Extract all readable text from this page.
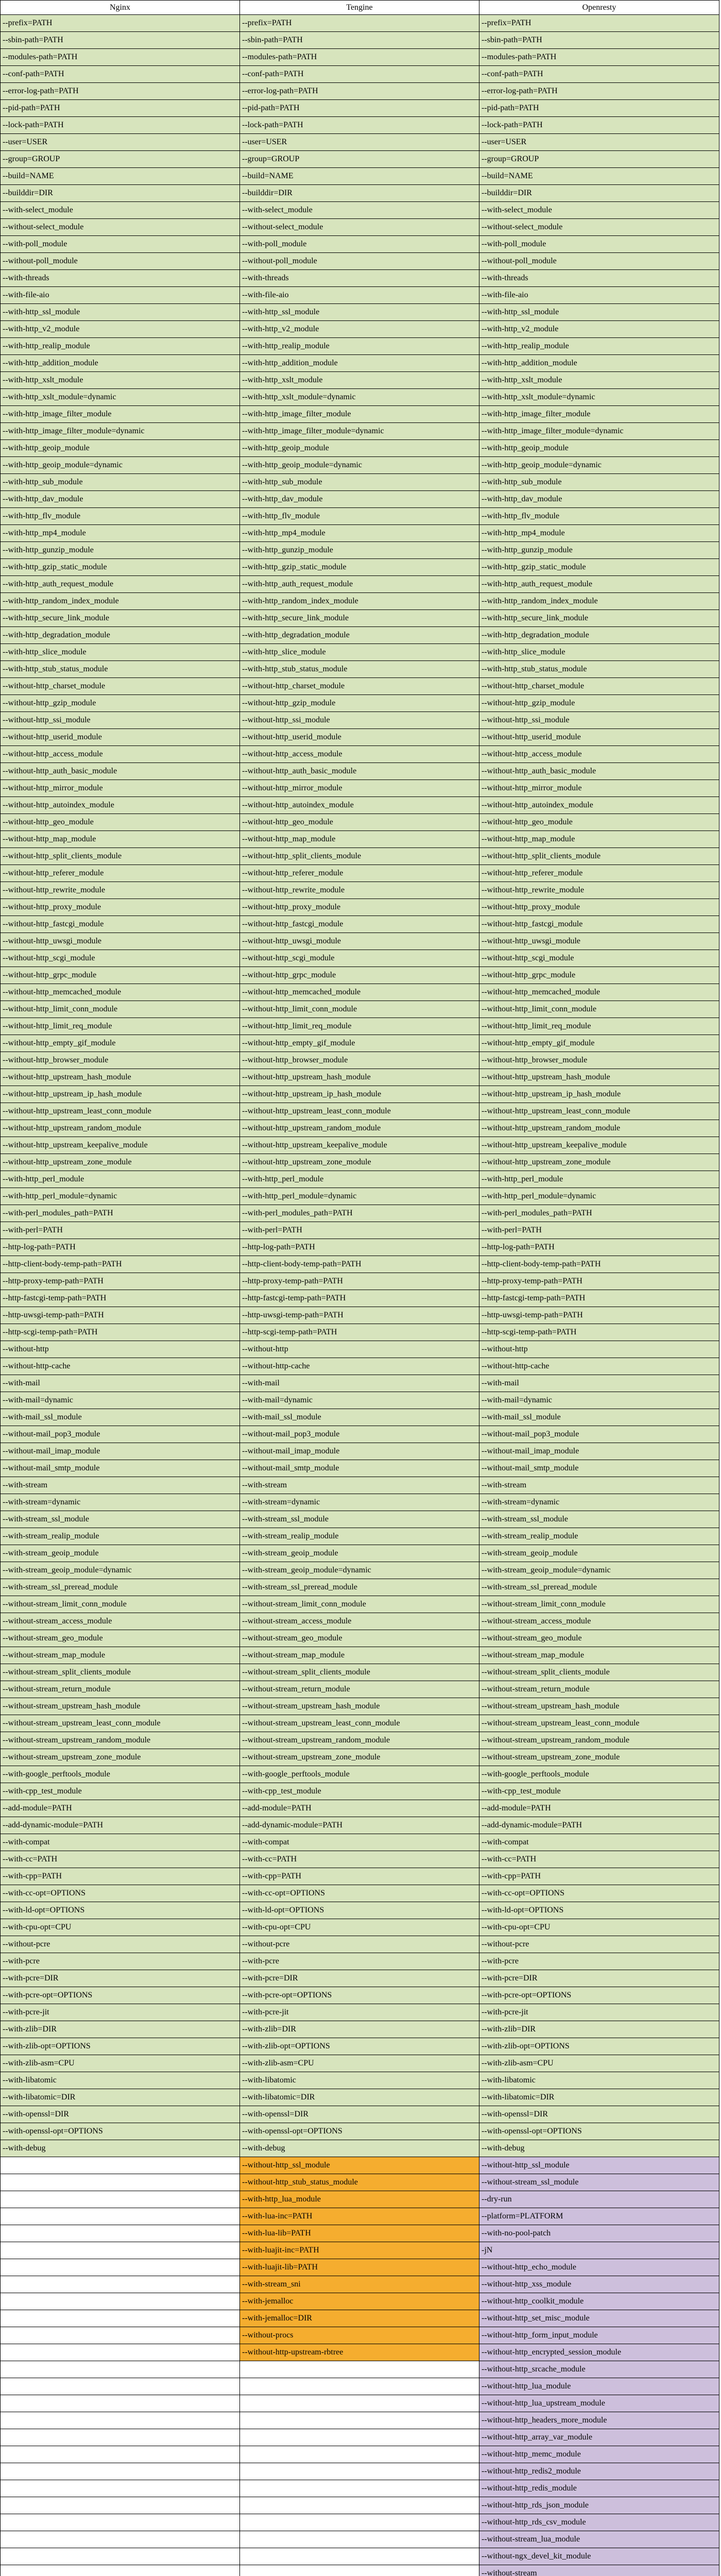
Nginx	Tengine	Openresty
--prefix=PATH	--prefix=PATH	--prefix=PATH
--sbin-path=PATH	--sbin-path=PATH	--sbin-path=PATH
--modules-path=PATH	--modules-path=PATH	--modules-path=PATH
--conf-path=PATH	--conf-path=PATH	--conf-path=PATH
--error-log-path=PATH	--error-log-path=PATH	--error-log-path=PATH
--pid-path=PATH	--pid-path=PATH	--pid-path=PATH
--lock-path=PATH	--lock-path=PATH	--lock-path=PATH
--user=USER	--user=USER	--user=USER
--group=GROUP	--group=GROUP	--group=GROUP
--build=NAME	--build=NAME	--build=NAME
--builddir=DIR	--builddir=DIR	--builddir=DIR
--with-select_module	--with-select_module	--with-select_module
--without-select_module	--without-select_module	--without-select_module
--with-poll_module	--with-poll_module	--with-poll_module
--without-poll_module	--without-poll_module	--without-poll_module
--with-threads	--with-threads	--with-threads
--with-file-aio	--with-file-aio	--with-file-aio
--with-http_ssl_module	--with-http_ssl_module	--with-http_ssl_module
--with-http_v2_module	--with-http_v2_module	--with-http_v2_module
--with-http_realip_module	--with-http_realip_module	--with-http_realip_module
--with-http_addition_module	--with-http_addition_module	--with-http_addition_module
--with-http_xslt_module	--with-http_xslt_module	--with-http_xslt_module
--with-http_xslt_module=dynamic	--with-http_xslt_module=dynamic	--with-http_xslt_module=dynamic
--with-http_image_filter_module	--with-http_image_filter_module	--with-http_image_filter_module
--with-http_image_filter_module=dynamic	--with-http_image_filter_module=dynamic	--with-http_image_filter_module=dynamic
--with-http_geoip_module	--with-http_geoip_module	--with-http_geoip_module
--with-http_geoip_module=dynamic	--with-http_geoip_module=dynamic	--with-http_geoip_module=dynamic
--with-http_sub_module	--with-http_sub_module	--with-http_sub_module
--with-http_dav_module	--with-http_dav_module	--with-http_dav_module
--with-http_flv_module	--with-http_flv_module	--with-http_flv_module
--with-http_mp4_module	--with-http_mp4_module	--with-http_mp4_module
--with-http_gunzip_module	--with-http_gunzip_module	--with-http_gunzip_module
--with-http_gzip_static_module	--with-http_gzip_static_module	--with-http_gzip_static_module
--with-http_auth_request_module	--with-http_auth_request_module	--with-http_auth_request_module
--with-http_random_index_module	--with-http_random_index_module	--with-http_random_index_module
--with-http_secure_link_module	--with-http_secure_link_module	--with-http_secure_link_module
--with-http_degradation_module	--with-http_degradation_module	--with-http_degradation_module
--with-http_slice_module	--with-http_slice_module	--with-http_slice_module
--with-http_stub_status_module	--with-http_stub_status_module	--with-http_stub_status_module
--without-http_charset_module	--without-http_charset_module	--without-http_charset_module
--without-http_gzip_module	--without-http_gzip_module	--without-http_gzip_module
--without-http_ssi_module	--without-http_ssi_module	--without-http_ssi_module
--without-http_userid_module	--without-http_userid_module	--without-http_userid_module
--without-http_access_module	--without-http_access_module	--without-http_access_module
--without-http_auth_basic_module	--without-http_auth_basic_module	--without-http_auth_basic_module
--without-http_mirror_module	--without-http_mirror_module	--without-http_mirror_module
--without-http_autoindex_module	--without-http_autoindex_module	--without-http_autoindex_module
--without-http_geo_module	--without-http_geo_module	--without-http_geo_module
--without-http_map_module	--without-http_map_module	--without-http_map_module
--without-http_split_clients_module	--without-http_split_clients_module	--without-http_split_clients_module
--without-http_referer_module	--without-http_referer_module	--without-http_referer_module
--without-http_rewrite_module	--without-http_rewrite_module	--without-http_rewrite_module
--without-http_proxy_module	--without-http_proxy_module	--without-http_proxy_module
--without-http_fastcgi_module	--without-http_fastcgi_module	--without-http_fastcgi_module
--without-http_uwsgi_module	--without-http_uwsgi_module	--without-http_uwsgi_module
--without-http_scgi_module	--without-http_scgi_module	--without-http_scgi_module
--without-http_grpc_module	--without-http_grpc_module	--without-http_grpc_module
--without-http_memcached_module	--without-http_memcached_module	--without-http_memcached_module
--without-http_limit_conn_module	--without-http_limit_conn_module	--without-http_limit_conn_module
--without-http_limit_req_module	--without-http_limit_req_module	--without-http_limit_req_module
--without-http_empty_gif_module	--without-http_empty_gif_module	--without-http_empty_gif_module
--without-http_browser_module	--without-http_browser_module	--without-http_browser_module
--without-http_upstream_hash_module	--without-http_upstream_hash_module	--without-http_upstream_hash_module
--without-http_upstream_ip_hash_module	--without-http_upstream_ip_hash_module	--without-http_upstream_ip_hash_module
--without-http_upstream_least_conn_module	--without-http_upstream_least_conn_module	--without-http_upstream_least_conn_module
--without-http_upstream_random_module	--without-http_upstream_random_module	--without-http_upstream_random_module
--without-http_upstream_keepalive_module	--without-http_upstream_keepalive_module	--without-http_upstream_keepalive_module
--without-http_upstream_zone_module	--without-http_upstream_zone_module	--without-http_upstream_zone_module
--with-http_perl_module	--with-http_perl_module	--with-http_perl_module
--with-http_perl_module=dynamic	--with-http_perl_module=dynamic	--with-http_perl_module=dynamic
--with-perl_modules_path=PATH	--with-perl_modules_path=PATH	--with-perl_modules_path=PATH
--with-perl=PATH	--with-perl=PATH	--with-perl=PATH
--http-log-path=PATH	--http-log-path=PATH	--http-log-path=PATH
--http-client-body-temp-path=PATH	--http-client-body-temp-path=PATH	--http-client-body-temp-path=PATH
--http-proxy-temp-path=PATH	--http-proxy-temp-path=PATH	--http-proxy-temp-path=PATH
--http-fastcgi-temp-path=PATH	--http-fastcgi-temp-path=PATH	--http-fastcgi-temp-path=PATH
--http-uwsgi-temp-path=PATH	--http-uwsgi-temp-path=PATH	--http-uwsgi-temp-path=PATH
--http-scgi-temp-path=PATH	--http-scgi-temp-path=PATH	--http-scgi-temp-path=PATH
--without-http	--without-http	--without-http
--without-http-cache	--without-http-cache	--without-http-cache
--with-mail	--with-mail	--with-mail
--with-mail=dynamic	--with-mail=dynamic	--with-mail=dynamic
--with-mail_ssl_module	--with-mail_ssl_module	--with-mail_ssl_module
--without-mail_pop3_module	--without-mail_pop3_module	--without-mail_pop3_module
--without-mail_imap_module	--without-mail_imap_module	--without-mail_imap_module
--without-mail_smtp_module	--without-mail_smtp_module	--without-mail_smtp_module
--with-stream	--with-stream	--with-stream
--with-stream=dynamic	--with-stream=dynamic	--with-stream=dynamic
--with-stream_ssl_module	--with-stream_ssl_module	--with-stream_ssl_module
--with-stream_realip_module	--with-stream_realip_module	--with-stream_realip_module
--with-stream_geoip_module	--with-stream_geoip_module	--with-stream_geoip_module
--with-stream_geoip_module=dynamic	--with-stream_geoip_module=dynamic	--with-stream_geoip_module=dynamic
--with-stream_ssl_preread_module	--with-stream_ssl_preread_module	--with-stream_ssl_preread_module
--without-stream_limit_conn_module	--without-stream_limit_conn_module	--without-stream_limit_conn_module
--without-stream_access_module	--without-stream_access_module	--without-stream_access_module
--without-stream_geo_module	--without-stream_geo_module	--without-stream_geo_module
--without-stream_map_module	--without-stream_map_module	--without-stream_map_module
--without-stream_split_clients_module	--without-stream_split_clients_module	--without-stream_split_clients_module
--without-stream_return_module	--without-stream_return_module	--without-stream_return_module
--without-stream_upstream_hash_module	--without-stream_upstream_hash_module	--without-stream_upstream_hash_module
--without-stream_upstream_least_conn_module	--without-stream_upstream_least_conn_module	--without-stream_upstream_least_conn_module
--without-stream_upstream_random_module	--without-stream_upstream_random_module	--without-stream_upstream_random_module
--without-stream_upstream_zone_module	--without-stream_upstream_zone_module	--without-stream_upstream_zone_module
--with-google_perftools_module	--with-google_perftools_module	--with-google_perftools_module
--with-cpp_test_module	--with-cpp_test_module	--with-cpp_test_module
--add-module=PATH	--add-module=PATH	--add-module=PATH
--add-dynamic-module=PATH	--add-dynamic-module=PATH	--add-dynamic-module=PATH
--with-compat	--with-compat	--with-compat
--with-cc=PATH	--with-cc=PATH	--with-cc=PATH
--with-cpp=PATH	--with-cpp=PATH	--with-cpp=PATH
--with-cc-opt=OPTIONS	--with-cc-opt=OPTIONS	--with-cc-opt=OPTIONS
--with-ld-opt=OPTIONS	--with-ld-opt=OPTIONS	--with-ld-opt=OPTIONS
--with-cpu-opt=CPU	--with-cpu-opt=CPU	--with-cpu-opt=CPU
--without-pcre	--without-pcre	--without-pcre
--with-pcre	--with-pcre	--with-pcre
--with-pcre=DIR	--with-pcre=DIR	--with-pcre=DIR
--with-pcre-opt=OPTIONS	--with-pcre-opt=OPTIONS	--with-pcre-opt=OPTIONS
--with-pcre-jit	--with-pcre-jit	--with-pcre-jit
--with-zlib=DIR	--with-zlib=DIR	--with-zlib=DIR
--with-zlib-opt=OPTIONS	--with-zlib-opt=OPTIONS	--with-zlib-opt=OPTIONS
--with-zlib-asm=CPU	--with-zlib-asm=CPU	--with-zlib-asm=CPU
--with-libatomic	--with-libatomic	--with-libatomic
--with-libatomic=DIR	--with-libatomic=DIR	--with-libatomic=DIR
--with-openssl=DIR	--with-openssl=DIR	--with-openssl=DIR
--with-openssl-opt=OPTIONS	--with-openssl-opt=OPTIONS	--with-openssl-opt=OPTIONS
--with-debug	--with-debug	--with-debug
	--without-http_ssl_module	--without-http_ssl_module
	--without-http_stub_status_module	--without-stream_ssl_module
	--with-http_lua_module	--dry-run
	--with-lua-inc=PATH	--platform=PLATFORM
	--with-lua-lib=PATH	--with-no-pool-patch
	--with-luajit-inc=PATH	-jN
	--with-luajit-lib=PATH	--without-http_echo_module
	--with-stream_sni	--without-http_xss_module
	--with-jemalloc	--without-http_coolkit_module
	--with-jemalloc=DIR	--without-http_set_misc_module
	--without-procs	--without-http_form_input_module
	--without-http-upstream-rbtree	--without-http_encrypted_session_module
		--without-http_srcache_module
		--without-http_lua_module
		--without-http_lua_upstream_module
		--without-http_headers_more_module
		--without-http_array_var_module
		--without-http_memc_module
		--without-http_redis2_module
		--without-http_redis_module
		--without-http_rds_json_module
		--without-http_rds_csv_module
		--without-stream_lua_module
		--without-ngx_devel_kit_module
		--without-stream
